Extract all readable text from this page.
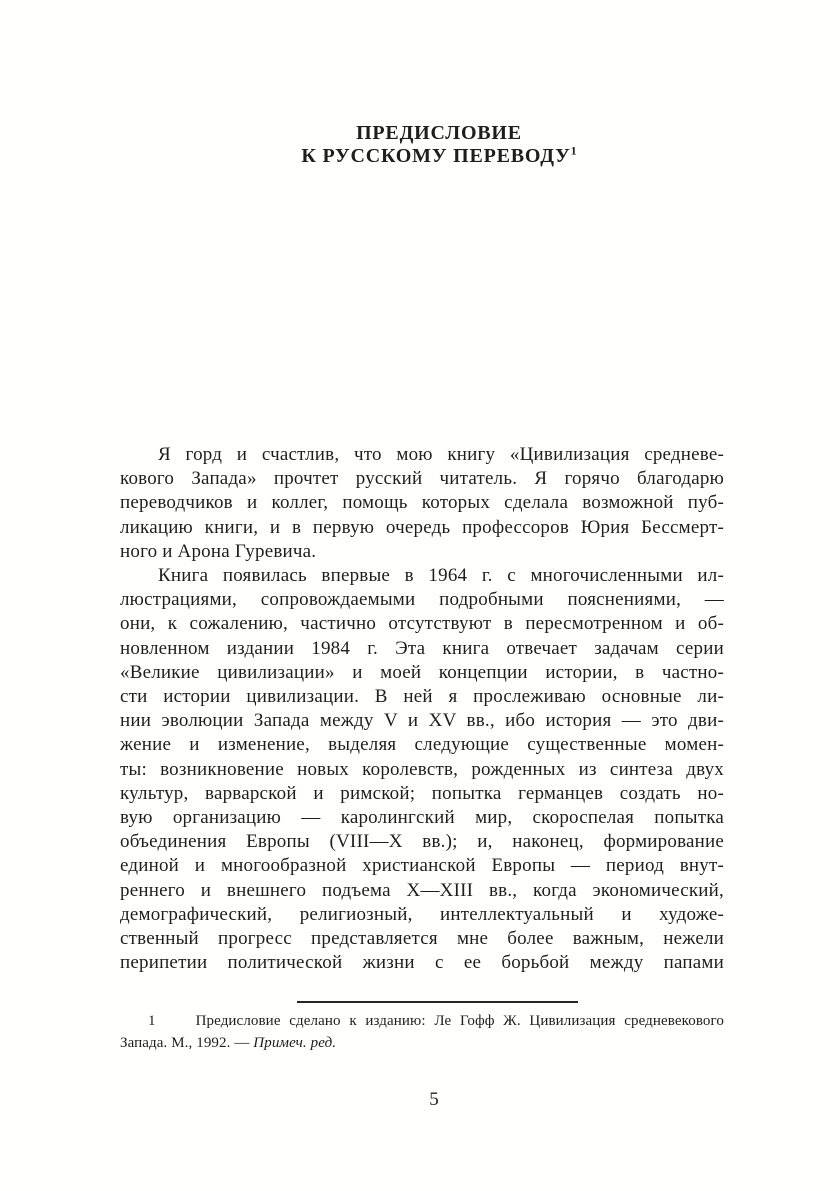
ПРЕДИСЛОВИЕ
К РУССКОМУ ПЕРЕВОДУ$^1$
Я горд и счастлив, что мою книгу «Цивилизация средневе-
кового Запада» прочтет русский читатель. Я горячо благодарю
переводчиков и коллег, помощь которых сделала возможной пуб-
ликацию книги, и в первую очередь профессоров Юрия Бессмерт-
ного и Арона Гуревича.
Книга появилась впервые в 1964 г. с многочисленными ил-
люстрациями, сопровождаемыми подробными пояснениями, —
они, к сожалению, частично отсутствуют в пересмотренном и об-
новленном издании 1984 г. Эта книга отвечает задачам серии
«Великие цивилизации» и моей концепции истории, в частно-
сти истории цивилизации. В ней я прослеживаю основные ли-
нии эволюции Запада между V и XV вв., ибо история — это дви-
жение и изменение, выделяя следующие существенные момен-
ты: возникновение новых королевств, рожденных из синтеза двух
культур, варварской и римской; попытка германцев создать но-
вую организацию — каролингский мир, скороспелая попытка
объединения Европы (VIII—X вв.); и, наконец, формирование
единой и многообразной христианской Европы — период внут-
реннего и внешнего подъема X—XIII вв., когда экономический,
демографический, религиозный, интеллектуальный и художе-
ственный прогресс представляется мне более важным, нежели
перипетии политической жизни с ее борьбой между папами
1	Предисловие сделано к изданию: Ле Гофф Ж. Цивилизация средневекового
Запада. М., 1992. — Примеч. ред.
5
